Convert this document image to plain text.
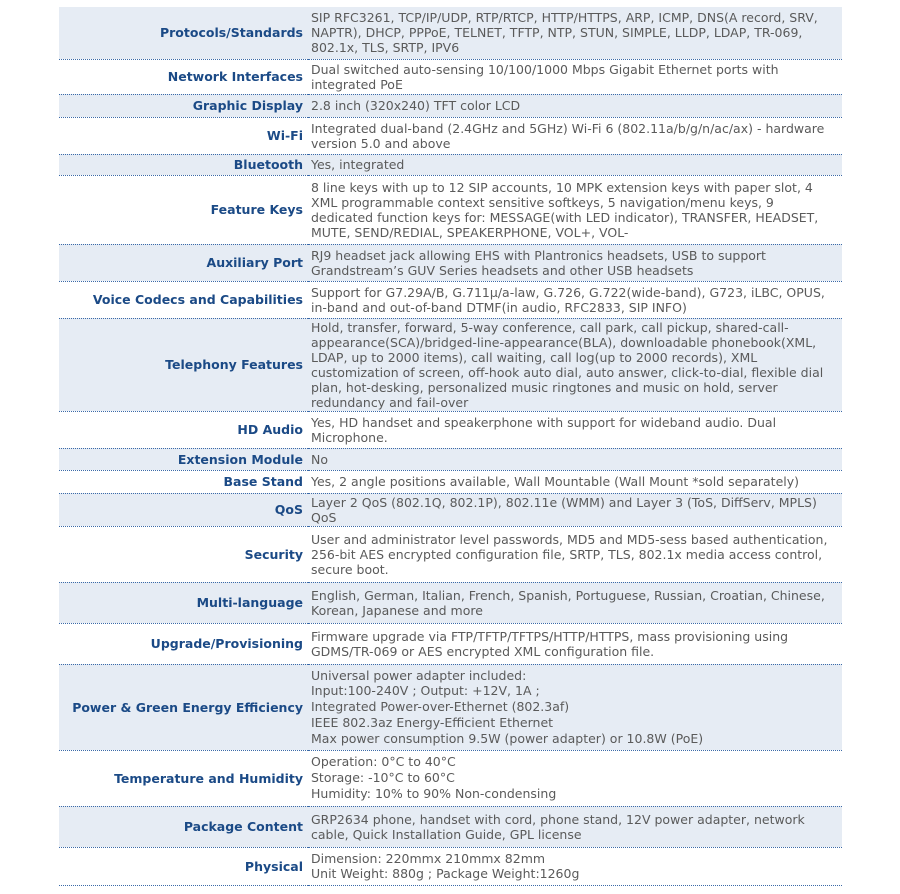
Protocols/Standards	SIP RFC3261, TCP/IP/UDP, RTP/RTCP, HTTP/HTTPS, ARP, ICMP, DNS(A record, SRV, NAPTR), DHCP, PPPoE, TELNET, TFTP, NTP, STUN, SIMPLE, LLDP, LDAP, TR-069, 802.1x, TLS, SRTP, IPV6
Network Interfaces	Dual switched auto-sensing 10/100/1000 Mbps Gigabit Ethernet ports with integrated PoE
Graphic Display	2.8 inch (320x240) TFT color LCD
Wi-Fi	Integrated dual-band (2.4GHz and 5GHz) Wi-Fi 6 (802.11a/b/g/n/ac/ax) - hardware version 5.0 and above
Bluetooth	Yes, integrated
Feature Keys	8 line keys with up to 12 SIP accounts, 10 MPK extension keys with paper slot, 4 XML programmable context sensitive softkeys, 5 navigation/menu keys, 9 dedicated function keys for: MESSAGE(with LED indicator), TRANSFER, HEADSET, MUTE, SEND/REDIAL, SPEAKERPHONE, VOL+, VOL-
Auxiliary Port	RJ9 headset jack allowing EHS with Plantronics headsets, USB to support Grandstream’s GUV Series headsets and other USB headsets
Voice Codecs and Capabilities	Support for G7.29A/B, G.711µ/a-law, G.726, G.722(wide-band), G723, iLBC, OPUS, in-band and out-of-band DTMF(in audio, RFC2833, SIP INFO)
Telephony Features	Hold, transfer, forward, 5-way conference, call park, call pickup, shared-call-appearance(SCA)/bridged-line-appearance(BLA), downloadable phonebook(XML, LDAP, up to 2000 items), call waiting, call log(up to 2000 records), XML customization of screen, off-hook auto dial, auto answer, click-to-dial, flexible dial plan, hot-desking, personalized music ringtones and music on hold, server redundancy and fail-over
HD Audio	Yes, HD handset and speakerphone with support for wideband audio. Dual Microphone.
Extension Module	No
Base Stand	Yes, 2 angle positions available, Wall Mountable (Wall Mount *sold separately)
QoS	Layer 2 QoS (802.1Q, 802.1P), 802.11e (WMM) and Layer 3 (ToS, DiffServ, MPLS) QoS
Security	User and administrator level passwords, MD5 and MD5-sess based authentication, 256-bit AES encrypted configuration file, SRTP, TLS, 802.1x media access control, secure boot.
Multi-language	English, German, Italian, French, Spanish, Portuguese, Russian, Croatian, Chinese, Korean, Japanese and more
Upgrade/Provisioning	Firmware upgrade via FTP/TFTP/TFTPS/HTTP/HTTPS, mass provisioning using GDMS/TR-069 or AES encrypted XML configuration file.
Power & Green Energy Efficiency	Universal power adapter included:
Input:100-240V ; Output: +12V, 1A ;
Integrated Power-over-Ethernet (802.3af)
IEEE 802.3az Energy-Efficient Ethernet
Max power consumption 9.5W (power adapter) or 10.8W (PoE)
Temperature and Humidity	Operation: 0°C to 40°C
Storage: -10°C to 60°C
Humidity: 10% to 90% Non-condensing
Package Content	GRP2634 phone, handset with cord, phone stand, 12V power adapter, network cable, Quick Installation Guide, GPL license
Physical	Dimension: 220mmx 210mmx 82mm
Unit Weight: 880g ; Package Weight:1260g
